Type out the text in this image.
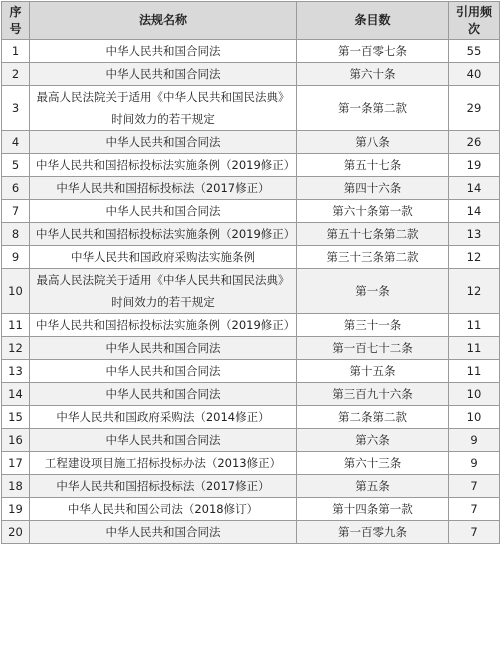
序号	法规名称	条目数	引用频次
1	中华人民共和国合同法	第一百零七条	55
2	中华人民共和国合同法	第六十条	40
3	最高人民法院关于适用《中华人民共和国民法典》时间效力的若干规定	第一条第二款	29
4	中华人民共和国合同法	第八条	26
5	中华人民共和国招标投标法实施条例（2019修正）	第五十七条	19
6	中华人民共和国招标投标法（2017修正）	第四十六条	14
7	中华人民共和国合同法	第六十条第一款	14
8	中华人民共和国招标投标法实施条例（2019修正）	第五十七条第二款	13
9	中华人民共和国政府采购法实施条例	第三十三条第二款	12
10	最高人民法院关于适用《中华人民共和国民法典》时间效力的若干规定	第一条	12
11	中华人民共和国招标投标法实施条例（2019修正）	第三十一条	11
12	中华人民共和国合同法	第一百七十二条	11
13	中华人民共和国合同法	第十五条	11
14	中华人民共和国合同法	第三百九十六条	10
15	中华人民共和国政府采购法（2014修正）	第二条第二款	10
16	中华人民共和国合同法	第六条	9
17	工程建设项目施工招标投标办法（2013修正）	第六十三条	9
18	中华人民共和国招标投标法（2017修正）	第五条	7
19	中华人民共和国公司法（2018修订）	第十四条第一款	7
20	中华人民共和国合同法	第一百零九条	7
